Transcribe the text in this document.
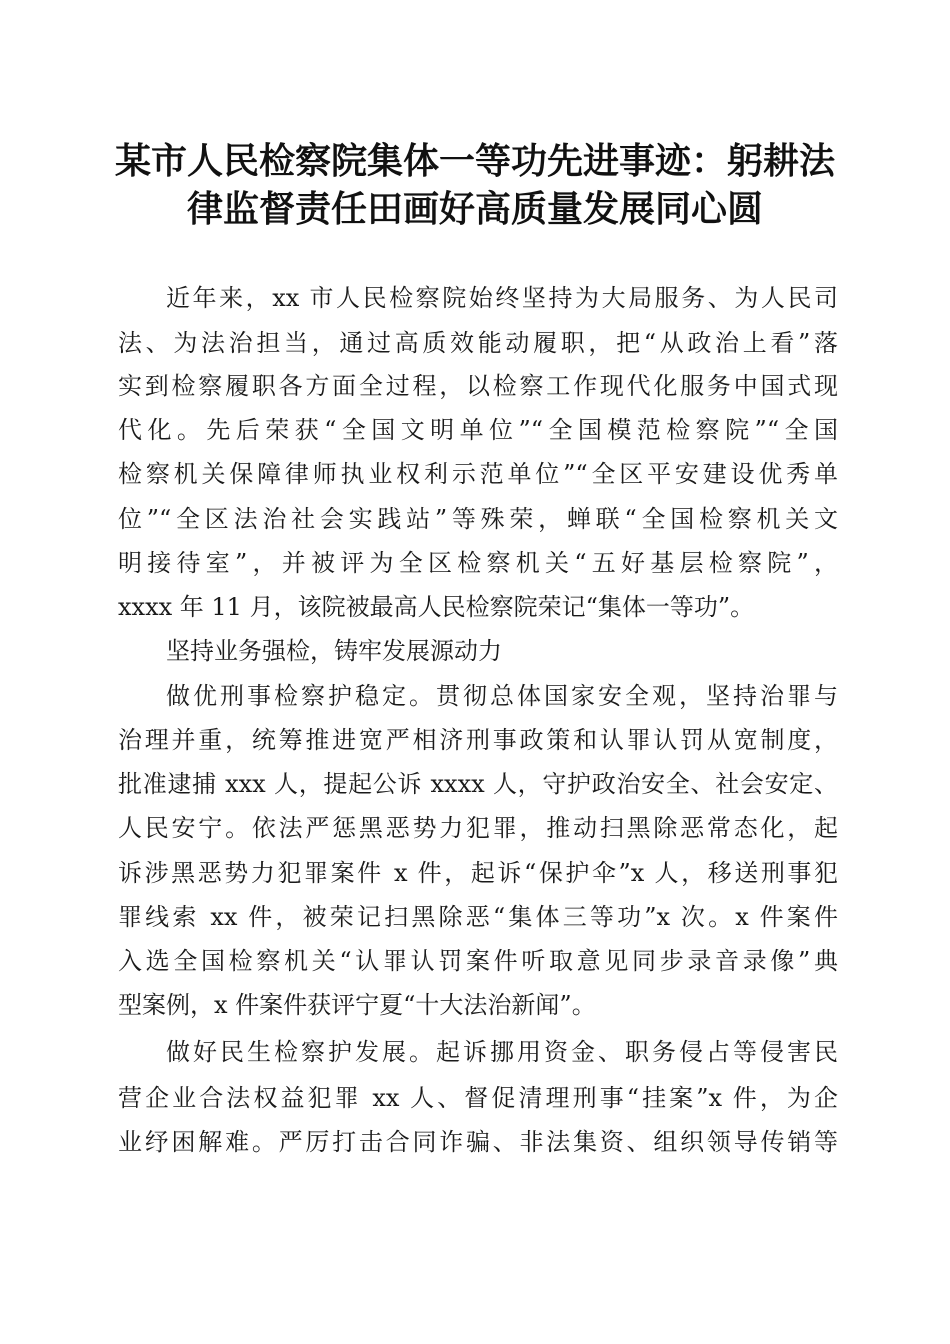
某市人民检察院集体一等功先进事迹：躬耕法
律监督责任田画好高质量发展同心圆
近年来，xx 市人民检察院始终坚持为大局服务、为人民司
法、为法治担当，通过高质效能动履职，把“从政治上看”落
实到检察履职各方面全过程，以检察工作现代化服务中国式现
代化。先后荣获“全国文明单位”“全国模范检察院”“全国
检察机关保障律师执业权利示范单位”“全区平安建设优秀单
位”“全区法治社会实践站”等殊荣，蝉联“全国检察机关文
明接待室”，并被评为全区检察机关“五好基层检察院”，
xxxx 年 11 月，该院被最高人民检察院荣记“集体一等功”。
坚持业务强检，铸牢发展源动力
做优刑事检察护稳定。贯彻总体国家安全观，坚持治罪与
治理并重，统筹推进宽严相济刑事政策和认罪认罚从宽制度，
批准逮捕 xxx 人，提起公诉 xxxx 人，守护政治安全、社会安定、
人民安宁。依法严惩黑恶势力犯罪，推动扫黑除恶常态化，起
诉涉黑恶势力犯罪案件 x 件，起诉“保护伞”x 人，移送刑事犯
罪线索 xx 件，被荣记扫黑除恶“集体三等功”x 次。x 件案件
入选全国检察机关“认罪认罚案件听取意见同步录音录像”典
型案例，x 件案件获评宁夏“十大法治新闻”。
做好民生检察护发展。起诉挪用资金、职务侵占等侵害民
营企业合法权益犯罪 xx 人、督促清理刑事“挂案”x 件，为企
业纾困解难。严厉打击合同诈骗、非法集资、组织领导传销等
